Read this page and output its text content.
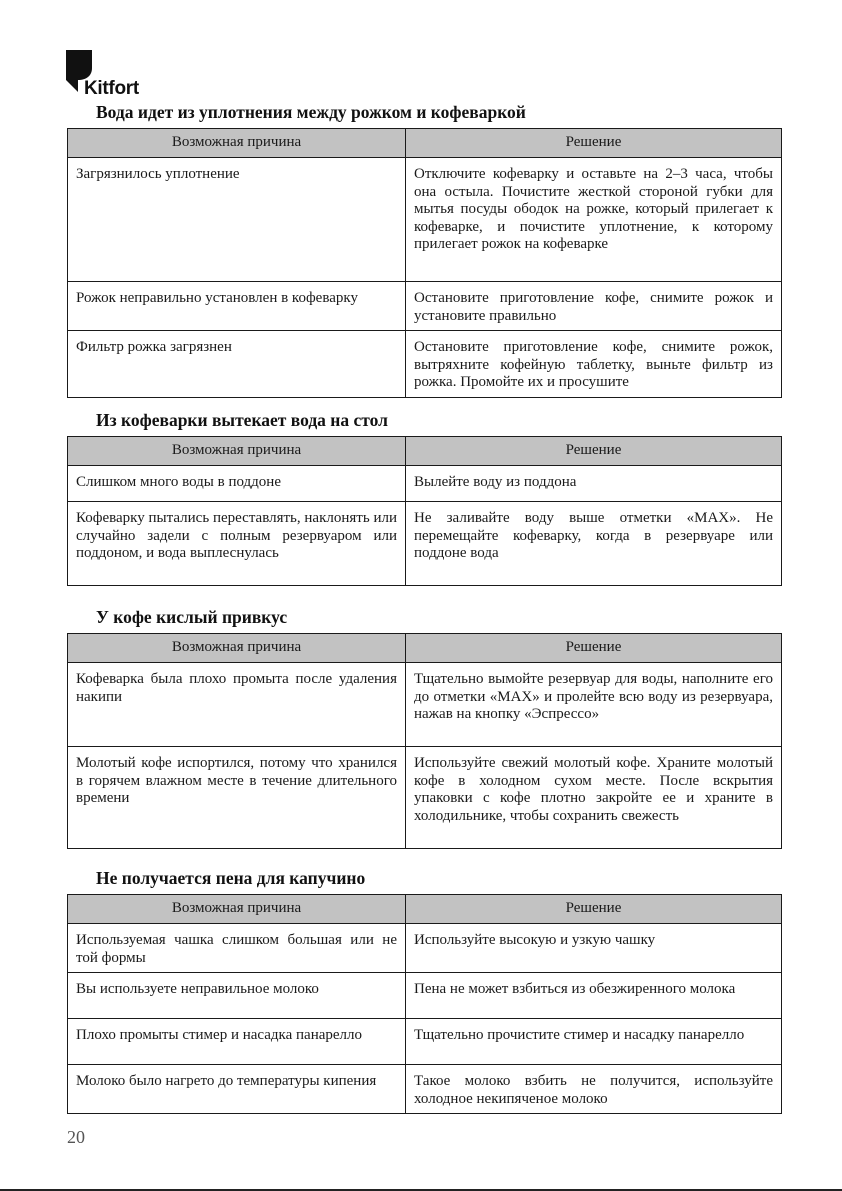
Kitfort
Вода идет из уплотнения между рожком и кофеваркой
Возможная причина	Решение
Загрязнилось уплотнение	Отключите кофеварку и оставьте на 2–3 часа, чтобы она остыла. Почистите жесткой стороной губки для мытья посуды ободок на рожке, который прилегает к кофеварке, и почистите уплотнение, к которому прилегает рожок на кофеварке
Рожок неправильно установлен в кофеварку	Остановите приготовление кофе, снимите рожок и установите правильно
Фильтр рожка загрязнен	Остановите приготовление кофе, снимите рожок, вытряхните кофейную таблетку, выньте фильтр из рожка. Промойте их и просушите
Из кофеварки вытекает вода на стол
Возможная причина	Решение
Слишком много воды в поддоне	Вылейте воду из поддона
Кофеварку пытались переставлять, наклонять или случайно задели с полным резервуаром или поддоном, и вода выплеснулась	Не заливайте воду выше отметки «MAX». Не перемещайте кофеварку, когда в резервуаре или поддоне вода
У кофе кислый привкус
Возможная причина	Решение
Кофеварка была плохо промыта после удаления накипи	Тщательно вымойте резервуар для воды, наполните его до отметки «MAX» и пролейте всю воду из резервуара, нажав на кнопку «Эспрессо»
Молотый кофе испортился, потому что хранился в горячем влажном месте в течение длительного времени	Используйте свежий молотый кофе. Храните молотый кофе в холодном сухом месте. После вскрытия упаковки с кофе плотно закройте ее и храните в холодильнике, чтобы сохранить свежесть
Не получается пена для капучино
Возможная причина	Решение
Используемая чашка слишком большая или не той формы	Используйте высокую и узкую чашку
Вы используете неправильное молоко	Пена не может взбиться из обезжиренного молока
Плохо промыты стимер и насадка панарелло	Тщательно прочистите стимер и насадку панарелло
Молоко было нагрето до температуры кипения	Такое молоко взбить не получится, используйте холодное некипяченое молоко
20
